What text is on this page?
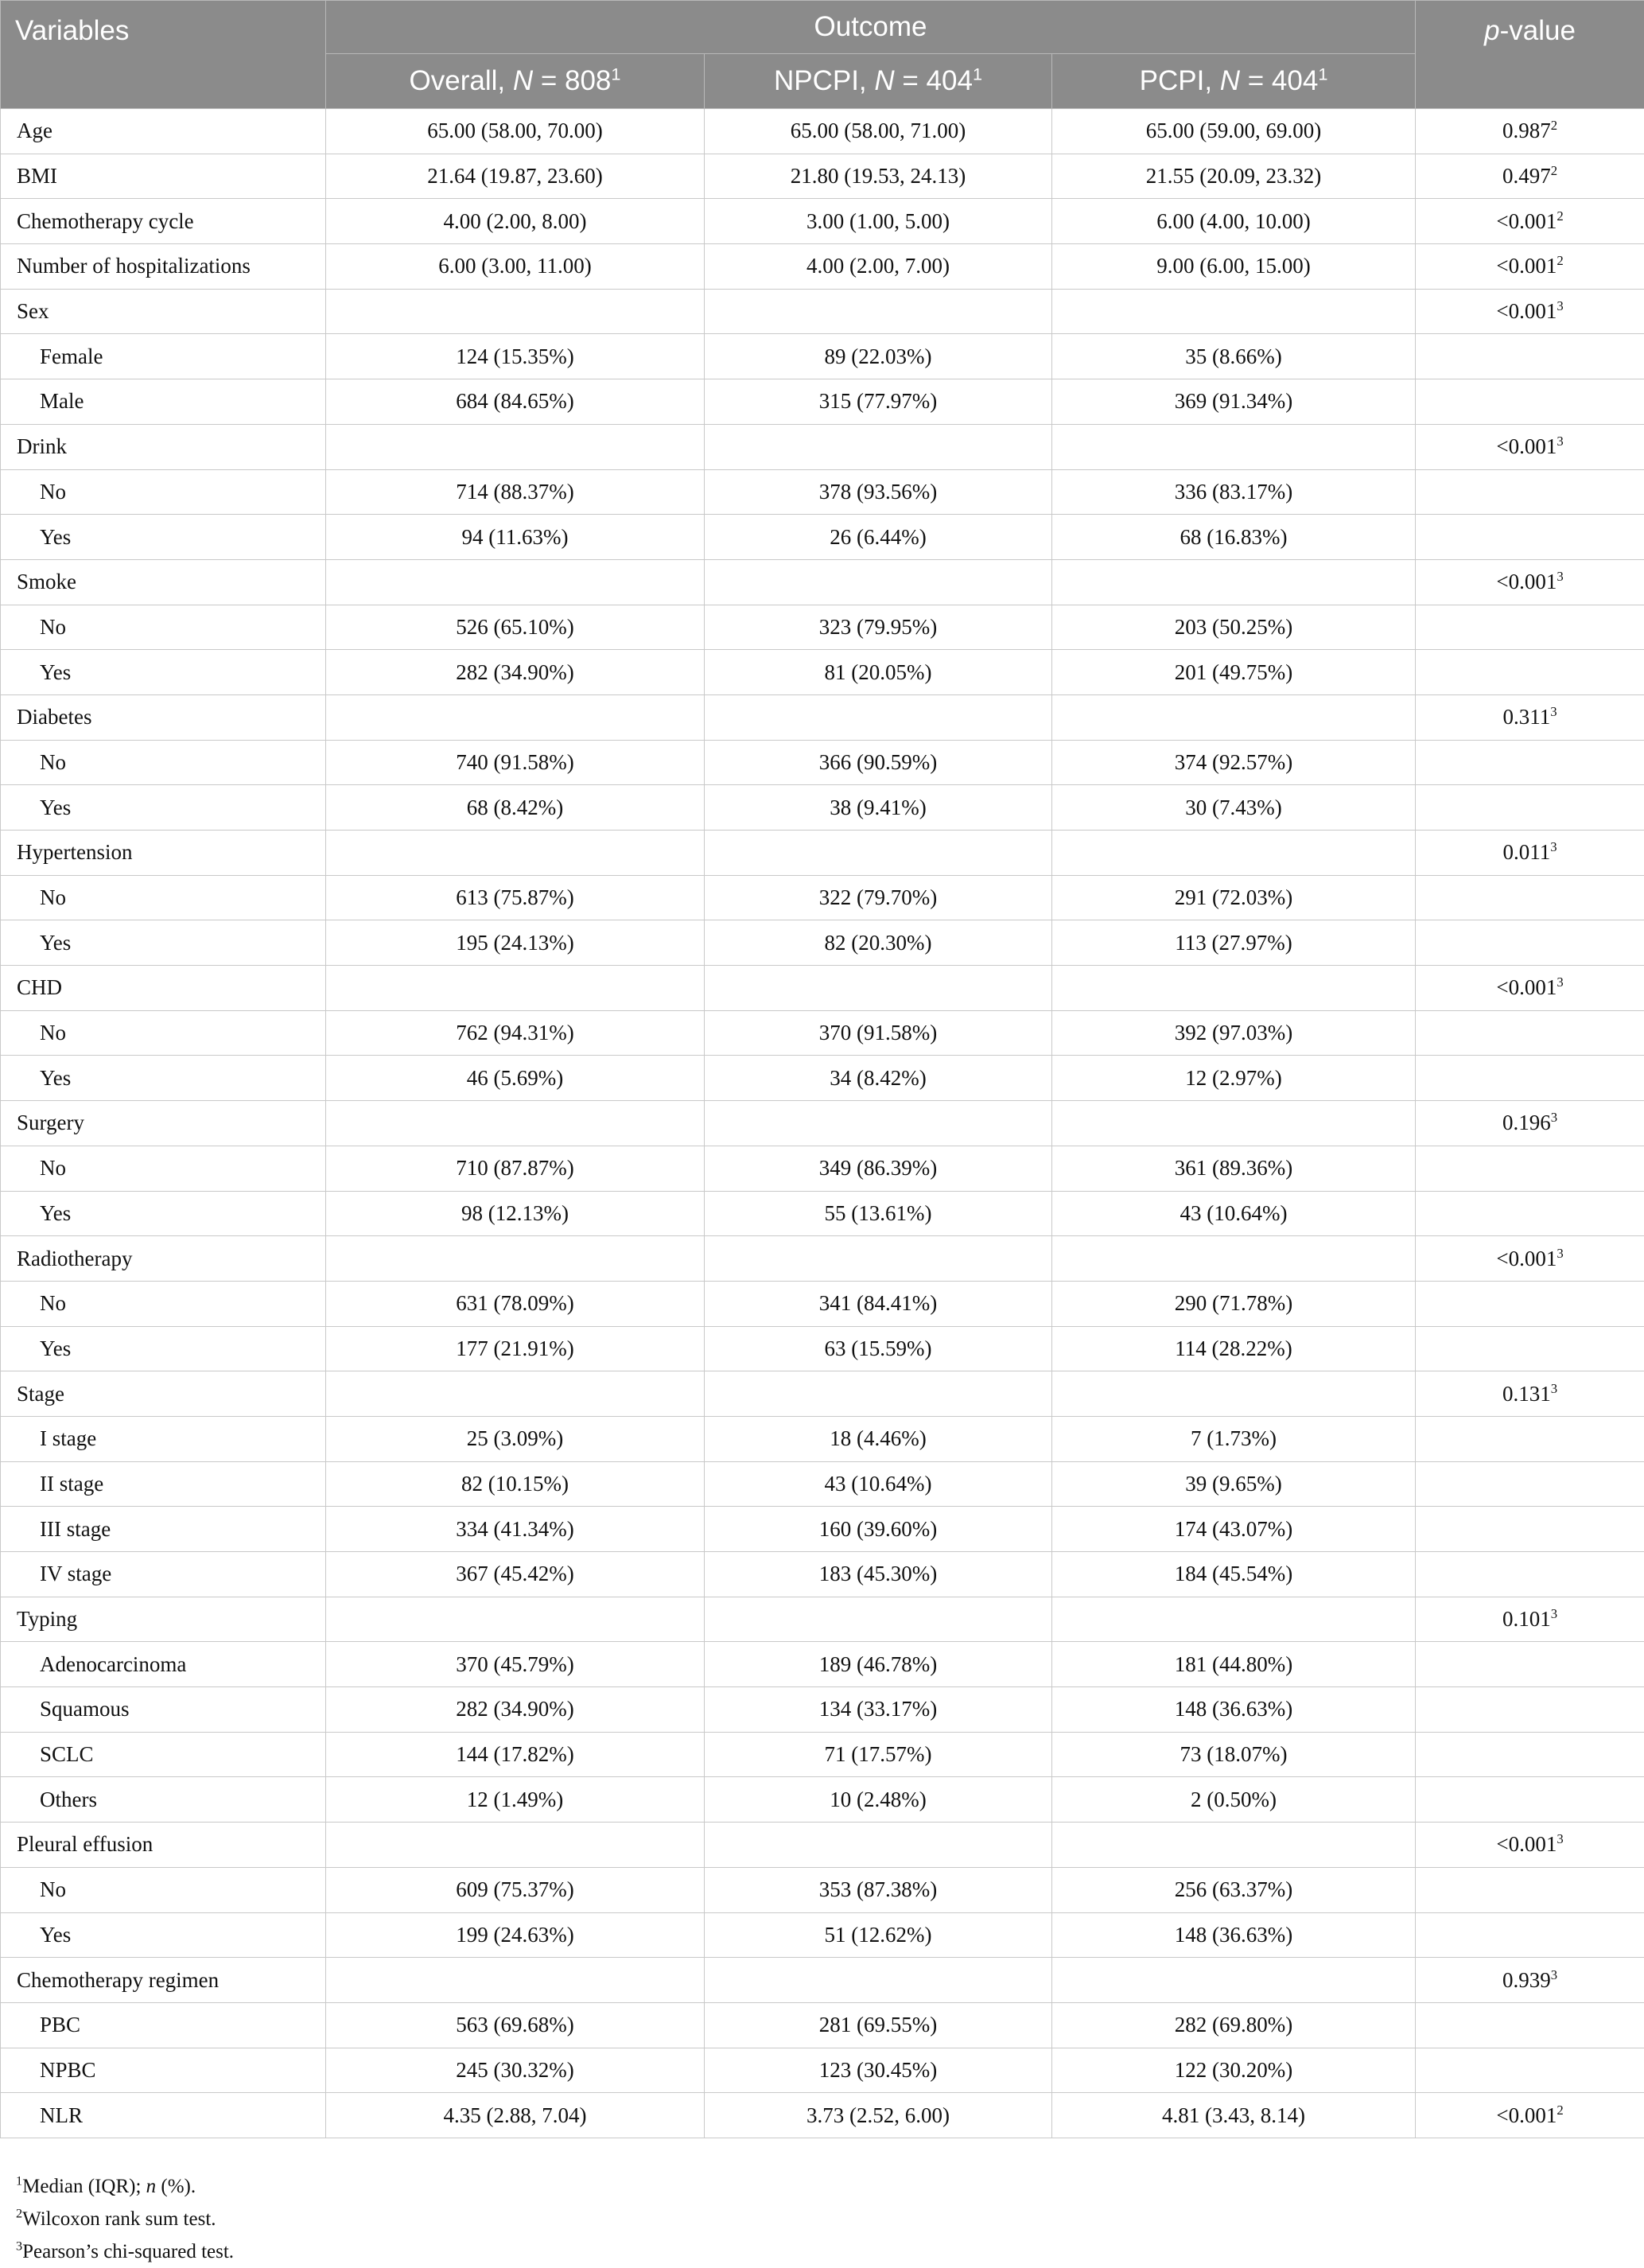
Variables	Outcome			p-value
	Overall, $N = 808^1$	NPCPI, $N = 404^1$	PCPI, $N = 404^1$
Age	65.00 (58.00, 70.00)	65.00 (58.00, 71.00)	65.00 (59.00, 69.00)	0.987$^2$
BMI	21.64 (19.87, 23.60)	21.80 (19.53, 24.13)	21.55 (20.09, 23.32)	0.497$^2$
Chemotherapy cycle	4.00 (2.00, 8.00)	3.00 (1.00, 5.00)	6.00 (4.00, 10.00)	$<0.001^2$
Number of hospitalizations	6.00 (3.00, 11.00)	4.00 (2.00, 7.00)	9.00 (6.00, 15.00)	$<0.001^2$
Sex				$<0.001^3$
Female	124 (15.35%)	89 (22.03%)	35 (8.66%)	
Male	684 (84.65%)	315 (77.97%)	369 (91.34%)	
Drink				$<0.001^3$
No	714 (88.37%)	378 (93.56%)	336 (83.17%)	
Yes	94 (11.63%)	26 (6.44%)	68 (16.83%)	
Smoke				$<0.001^3$
No	526 (65.10%)	323 (79.95%)	203 (50.25%)	
Yes	282 (34.90%)	81 (20.05%)	201 (49.75%)	
Diabetes				0.311$^3$
No	740 (91.58%)	366 (90.59%)	374 (92.57%)	
Yes	68 (8.42%)	38 (9.41%)	30 (7.43%)	
Hypertension				0.011$^3$
No	613 (75.87%)	322 (79.70%)	291 (72.03%)	
Yes	195 (24.13%)	82 (20.30%)	113 (27.97%)	
CHD				$<0.001^3$
No	762 (94.31%)	370 (91.58%)	392 (97.03%)	
Yes	46 (5.69%)	34 (8.42%)	12 (2.97%)	
Surgery				0.196$^3$
No	710 (87.87%)	349 (86.39%)	361 (89.36%)	
Yes	98 (12.13%)	55 (13.61%)	43 (10.64%)	
Radiotherapy				$<0.001^3$
No	631 (78.09%)	341 (84.41%)	290 (71.78%)	
Yes	177 (21.91%)	63 (15.59%)	114 (28.22%)	
Stage				0.131$^3$
I stage	25 (3.09%)	18 (4.46%)	7 (1.73%)	
II stage	82 (10.15%)	43 (10.64%)	39 (9.65%)	
III stage	334 (41.34%)	160 (39.60%)	174 (43.07%)	
IV stage	367 (45.42%)	183 (45.30%)	184 (45.54%)	
Typing				0.101$^3$
Adenocarcinoma	370 (45.79%)	189 (46.78%)	181 (44.80%)	
Squamous	282 (34.90%)	134 (33.17%)	148 (36.63%)	
SCLC	144 (17.82%)	71 (17.57%)	73 (18.07%)	
Others	12 (1.49%)	10 (2.48%)	2 (0.50%)	
Pleural effusion				$<0.001^3$
No	609 (75.37%)	353 (87.38%)	256 (63.37%)	
Yes	199 (24.63%)	51 (12.62%)	148 (36.63%)	
Chemotherapy regimen				0.939$^3$
PBC	563 (69.68%)	281 (69.55%)	282 (69.80%)	
NPBC	245 (30.32%)	123 (30.45%)	122 (30.20%)	
NLR	4.35 (2.88, 7.04)	3.73 (2.52, 6.00)	4.81 (3.43, 8.14)	$<0.001^2$
$^1$Median (IQR); n (%).
$^2$Wilcoxon rank sum test.
$^3$Pearson’s chi-squared test.
